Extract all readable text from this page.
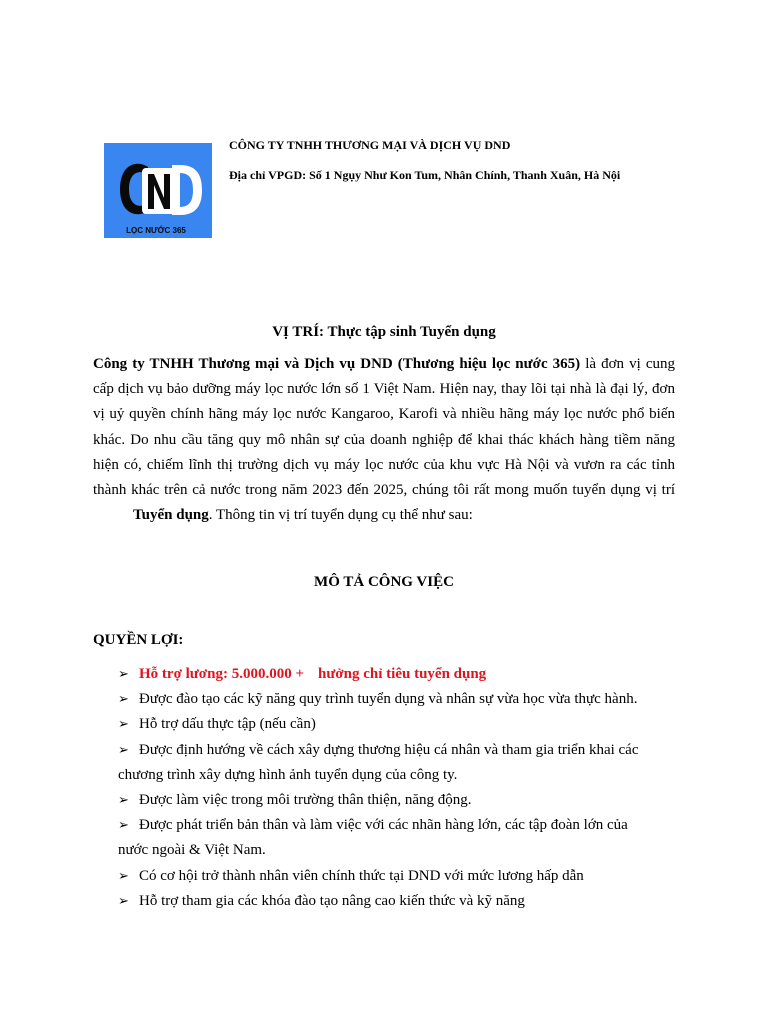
LỌC NƯỚC 365
CÔNG TY TNHH THƯƠNG MẠI VÀ DỊCH VỤ DND
Địa chỉ VPGD: Số 1 Ngụy Như Kon Tum, Nhân Chính, Thanh Xuân, Hà Nội
VỊ TRÍ: Thực tập sinh Tuyển dụng

Công ty TNHH Thương mại và Dịch vụ DND (Thương hiệu lọc nước 365) là đơn vị cung cấp dịch vụ bảo dưỡng máy lọc nước lớn số 1 Việt Nam. Hiện nay, thay lõi tại nhà là đại lý, đơn vị uỷ quyền chính hãng máy lọc nước Kangaroo, Karofi và nhiều hãng máy lọc nước phổ biến khác. Do nhu cầu tăng quy mô nhân sự của doanh nghiệp để khai thác khách hàng tiềm năng hiện có, chiếm lĩnh thị trường dịch vụ máy lọc nước của khu vực Hà Nội và vươn ra các tỉnh thành khác trên cả nước trong năm 2023 đến 2025, chúng tôi rất mong muốn tuyển dụng vị tríTuyển dụng. Thông tin vị trí tuyển dụng cụ thể như sau:

MÔ TẢ CÔNG VIỆC
QUYỀN LỢI:
➢ Hỗ trợ lương: 5.000.000 + hưởng chỉ tiêu tuyển dụng
➢ Được đào tạo các kỹ năng quy trình tuyển dụng và nhân sự vừa học vừa thực hành.
➢ Hỗ trợ dấu thực tập (nếu cần)
➢ Được định hướng về cách xây dựng thương hiệu cá nhân và tham gia triển khai các
chương trình xây dựng hình ảnh tuyển dụng của công ty.
➢ Được làm việc trong môi trường thân thiện, năng động.
➢ Được phát triển bản thân và làm việc với các nhãn hàng lớn, các tập đoàn lớn của
nước ngoài & Việt Nam.
➢ Có cơ hội trở thành nhân viên chính thức tại DND với mức lương hấp dẫn
➢ Hỗ trợ tham gia các khóa đào tạo nâng cao kiến thức và kỹ năng
